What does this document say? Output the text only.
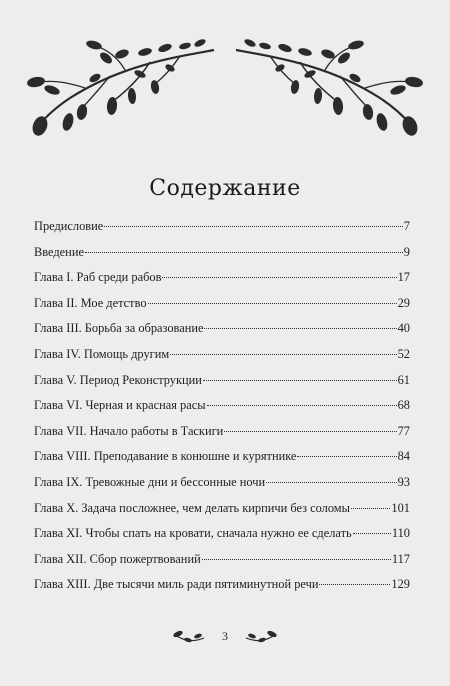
Содержание
Предисловие	7
Введение	9
Глава I. Раб среди рабов	17
Глава II. Мое детство	29
Глава III. Борьба за образование	40
Глава IV. Помощь другим	52
Глава V. Период Реконструкции	61
Глава VI. Черная и красная расы	68
Глава VII. Начало работы в Таскиги	77
Глава VIII. Преподавание в конюшне и курятнике	84
Глава IX. Тревожные дни и бессонные ночи	93
Глава X. Задача посложнее, чем делать кирпичи без соломы	101
Глава XI. Чтобы спать на кровати, сначала нужно ее сделать	110
Глава XII. Сбор пожертвований	117
Глава XIII. Две тысячи миль ради пятиминутной речи	129
3
